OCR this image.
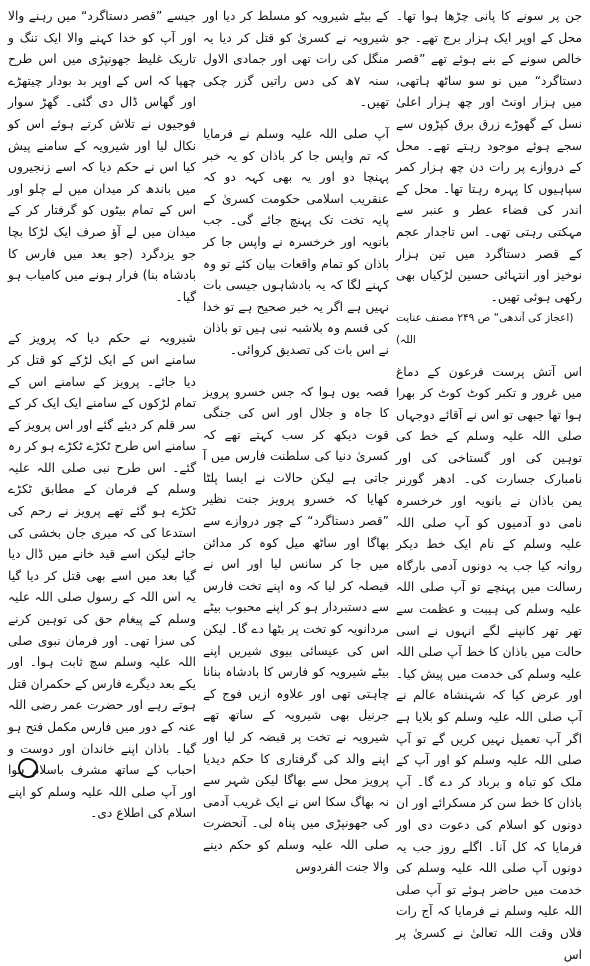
جن پر سونے کا پانی چڑھا ہوا تھا۔ محل کے اوپر ایک ہزار برج تھے۔ جو خالص سونے کے بنے ہوئے تھے ”قصر دستاگرد“ میں نو سو ساٹھ ہاتھی، میں ہزار اونٹ اور چھ ہزار اعلیٰ نسل کے گھوڑے زرق برق کپڑوں سے سجے ہوئے موجود رہتے تھے۔ محل کے دروازے پر رات دن چھ ہزار کمر سپاہیوں کا پہرہ رہتا تھا۔ محل کے اندر کی فضاء عطر و عنبر سے مہکتی رہتی تھی۔ اس تاجدار عجم کے قصر دستاگرد میں تین ہزار نوخیز اور انتہائی حسین لڑکیاں بھی رکھی ہوئی تھیں۔

(اعجاز کی آندھی“ ص ۲۴۹ مصنف عنایت اللہ)

اس آتش پرست فرعون کے دماغ میں غرور و تکبر کوٹ کوٹ کر بھرا ہوا تھا جبھی تو اس نے آقائے دوجہاں صلی اللہ علیہ وسلم کے خط کی توہین کی اور گستاخی کی اور نامبارک جسارت کی۔ ادھر گورنر یمن باذان نے بانویہ اور خرخسرہ نامی دو آدمیوں کو آپ صلی اللہ علیہ وسلم کے نام ایک خط دیکر روانہ کیا جب یہ دونوں آدمی بارگاہ رسالت میں پہنچے تو آپ صلی اللہ علیہ وسلم کی ہیبت و عظمت سے تھر تھر کانپنے لگے انہوں نے اسی حالت میں باذان کا خط آپ صلی اللہ علیہ وسلم کی خدمت میں پیش کیا۔ اور عرض کیا کہ شہنشاہ عالم نے آپ صلی اللہ علیہ وسلم کو بلایا ہے اگر آپ تعمیل نہیں کریں گے تو آپ صلی اللہ علیہ وسلم کو اور آپ کے ملک کو تباہ و برباد کر دے گا۔ آپ باذان کا خط سن کر مسکرائے اور ان دونوں کو اسلام کی دعوت دی اور فرمایا کہ کل آنا۔ اگلے روز جب یہ دونوں آپ صلی اللہ علیہ وسلم کی خدمت میں حاضر ہوئے تو آپ صلی اللہ علیہ وسلم نے فرمایا کہ آج رات فلاں وقت اللہ تعالیٰ نے کسریٰ پر اس

کے بیٹے شیرویہ کو مسلط کر دیا اور شیرویہ نے کسریٰ کو قتل کر دیا یہ منگل کی رات تھی اور جمادی الاول سنہ ۷ھ کی دس راتیں گزر چکی تھیں۔

آپ صلی اللہ علیہ وسلم نے فرمایا کہ تم واپس جا کر باذان کو یہ خبر پہنچا دو اور یہ بھی کہہ دو کہ عنقریب اسلامی حکومت کسریٰ کے پایہ تخت تک پہنچ جائے گی۔ جب بانویہ اور خرخسرہ نے واپس جا کر باذان کو تمام واقعات بیان کئے تو وہ کہنے لگا کہ یہ بادشاہوں جیسی بات نہیں ہے اگر یہ خبر صحیح ہے تو خدا کی قسم وہ بلاشبہ نبی ہیں تو باذان نے اس بات کی تصدیق کروائی۔

قصہ یوں ہوا کہ جس خسرو پرویز کا جاہ و جلال اور اس کی جنگی قوت دیکھ کر سب کہتے تھے کہ کسریٰ دنیا کی سلطنت فارس میں آ جاتی ہے لیکن حالات نے ایسا پلٹا کھایا کہ خسرو پرویز جنت نظیر ”قصر دستاگرد“ کے چور دروازے سے بھاگا اور ساٹھ میل کوہ کر مدائن میں جا کر سانس لیا اور اس نے فیصلہ کر لیا کہ وہ اپنے تخت فارس سے دستبردار ہو کر اپنے محبوب بیٹے مردانویہ کو تخت پر بٹھا دے گا۔ لیکن اس کی عیسائی بیوی شیریں اپنے بیٹے شیرویہ کو فارس کا بادشاہ بنانا چاہتی تھی اور علاوہ ازیں فوج کے جرنیل بھی شیرویہ کے ساتھ تھے شیرویہ نے تخت پر قبضہ کر لیا اور اپنے والد کی گرفتاری کا حکم دیدیا پرویز محل سے بھاگا لیکن شہر سے نہ بھاگ سکا اس نے ایک غریب آدمی کی جھونپڑی میں پناہ لی۔ آنحضرت صلی اللہ علیہ وسلم کو حکم دینے والا جنت الفردوس

جیسے ”قصر دستاگرد“ میں رہنے والا اور آپ کو خدا کہنے والا ایک تنگ و تاریک غلیظ جھونپڑی میں اس طرح چھپا کہ اس کے اوپر بد بودار چیتھڑے اور گھاس ڈال دی گئی۔ گھڑ سوار فوجیوں نے تلاش کرتے ہوئے اس کو نکال لیا اور شیرویہ کے سامنے پیش کیا اس نے حکم دیا کہ اسے زنجیروں میں باندھ کر میدان میں لے چلو اور اس کے تمام بیٹوں کو گرفتار کر کے میدان میں لے آؤ صرف ایک لڑکا بچا جو یزدگرد (جو بعد میں فارس کا بادشاہ بنا) فرار ہونے میں کامیاب ہو گیا۔

شیرویہ نے حکم دیا کہ پرویز کے سامنے اس کے ایک لڑکے کو قتل کر دیا جائے۔ پرویز کے سامنے اس کے تمام لڑکوں کے سامنے ایک ایک کر کے سر قلم کر دیئے گئے اور اس پرویز کے سامنے اس طرح ٹکڑے ٹکڑے ہو کر رہ گئے۔ اس طرح نبی صلی اللہ علیہ وسلم کے فرمان کے مطابق ٹکڑے ٹکڑے ہو گئے تھے پرویز نے رحم کی استدعا کی کہ میری جان بخشی کی جائے لیکن اسے قید خانے میں ڈال دیا گیا بعد میں اسے بھی قتل کر دیا گیا یہ اس اللہ کے رسول صلی اللہ علیہ وسلم کے پیغام حق کی توہین کرنے کی سزا تھی۔ اور فرمان نبوی صلی اللہ علیہ وسلم سچ ثابت ہوا۔ اور یکے بعد دیگرے فارس کے حکمران قتل ہوتے رہے اور حضرت عمر رضی اللہ عنہ کے دور میں فارس مکمل فتح ہو گیا۔ باذان اپنے خاندان اور دوست و احباب کے ساتھ مشرف باسلام ہوا اور آپ صلی اللہ علیہ وسلم کو اپنے اسلام کی اطلاع دی۔
